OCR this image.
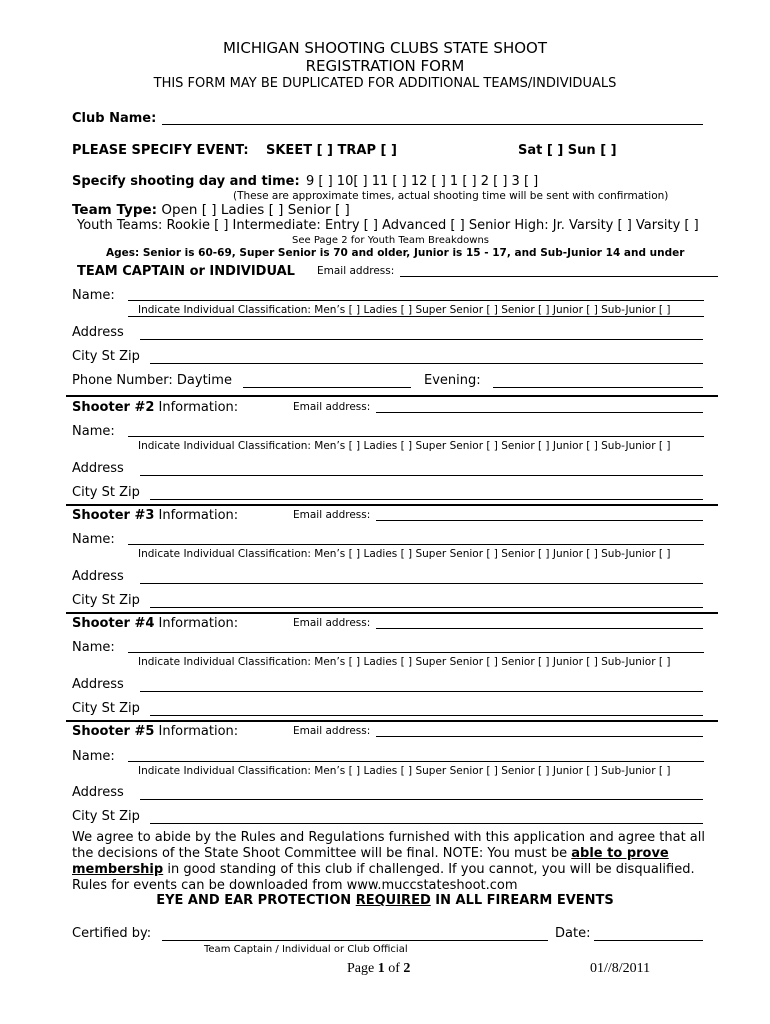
MICHIGAN SHOOTING CLUBS STATE SHOOT
REGISTRATION FORM
THIS FORM MAY BE DUPLICATED FOR ADDITIONAL TEAMS/INDIVIDUALS
Club Name:
PLEASE SPECIFY EVENT: SKEET [ ] TRAP [ ]	Sat [ ] Sun [ ]
Specify shooting day and time: 9 [ ] 10[ ] 11 [ ] 12 [ ] 1 [ ] 2 [ ] 3 [ ]
(These are approximate times, actual shooting time will be sent with confirmation)
Team Type: Open [ ] Ladies [ ] Senior [ ]
Youth Teams: Rookie [ ] Intermediate: Entry [ ] Advanced [ ] Senior High: Jr. Varsity [ ] Varsity [ ]
See Page 2 for Youth Team Breakdowns
Ages: Senior is 60-69, Super Senior is 70 and older, Junior is 15 - 17, and Sub-Junior 14 and under
TEAM CAPTAIN or INDIVIDUAL Email address:
Name:
Indicate Individual Classification: Men’s [ ] Ladies [ ] Super Senior [ ] Senior [ ] Junior [ ] Sub-Junior [ ]
Address
City St Zip
Phone Number: Daytime	Evening:
Shooter #2 Information:	Email address:
Name:
Indicate Individual Classification: Men’s [ ] Ladies [ ] Super Senior [ ] Senior [ ] Junior [ ] Sub-Junior [ ]
Address
City St Zip
Shooter #3 Information:	Email address:
Name:
Indicate Individual Classification: Men’s [ ] Ladies [ ] Super Senior [ ] Senior [ ] Junior [ ] Sub-Junior [ ]
Address
City St Zip
Shooter #4 Information:	Email address:
Name:
Indicate Individual Classification: Men’s [ ] Ladies [ ] Super Senior [ ] Senior [ ] Junior [ ] Sub-Junior [ ]
Address
City St Zip
Shooter #5 Information:	Email address:
Name:
Indicate Individual Classification: Men’s [ ] Ladies [ ] Super Senior [ ] Senior [ ] Junior [ ] Sub-Junior [ ]
Address
City St Zip
We agree to abide by the Rules and Regulations furnished with this application and agree that all the decisions of the State Shoot Committee will be final. NOTE: You must be able to prove membership in good standing of this club if challenged. If you cannot, you will be disqualified. Rules for events can be downloaded from www.muccstateshoot.com
EYE AND EAR PROTECTION REQUIRED IN ALL FIREARM EVENTS
Certified by:	Date:
Team Captain / Individual or Club Official
Page 1 of 2	01//8/2011
